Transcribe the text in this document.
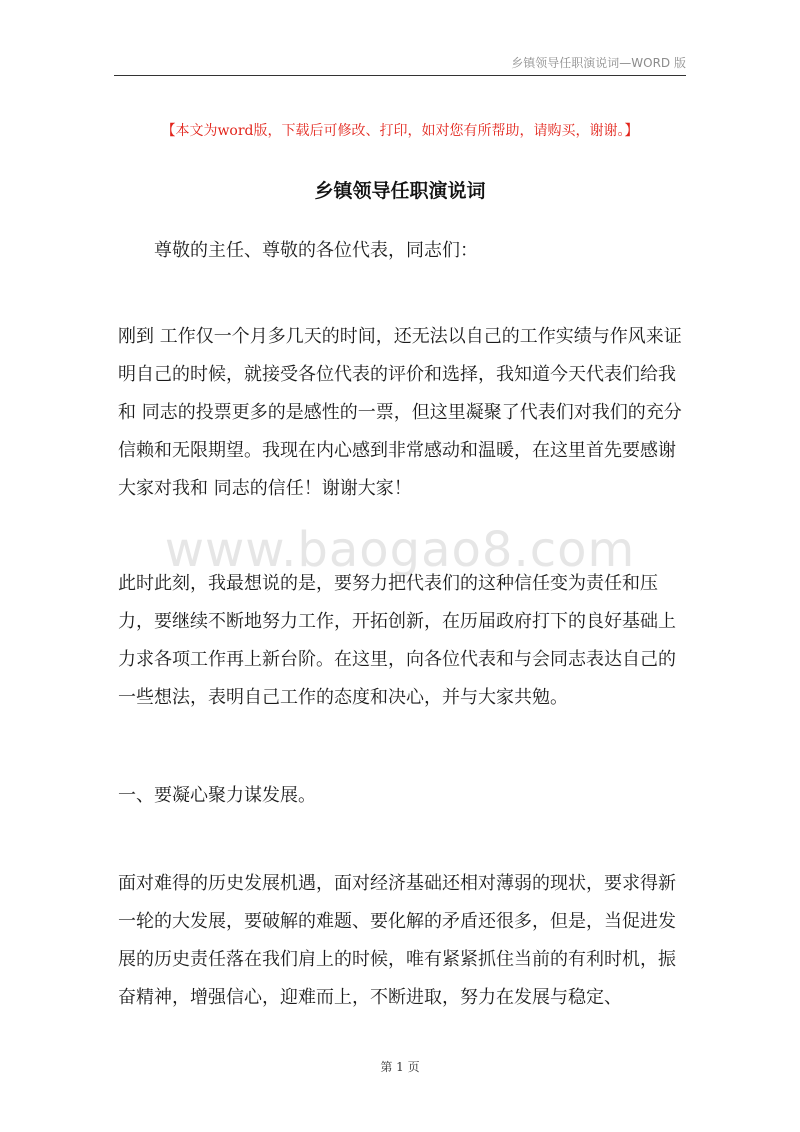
乡镇领导任职演说词—WORD 版
【本文为word版，下载后可修改、打印，如对您有所帮助，请购买，谢谢。】
乡镇领导任职演说词

尊敬的主任、尊敬的各位代表，同志们：

刚到 工作仅一个月多几天的时间，还无法以自己的工作实绩与作风来证明自己的时候，就接受各位代表的评价和选择，我知道今天代表们给我和 同志的投票更多的是感性的一票，但这里凝聚了代表们对我们的充分信赖和无限期望。我现在内心感到非常感动和温暖，在这里首先要感谢大家对我和 同志的信任！谢谢大家！

www.baogao8.com

此时此刻，我最想说的是，要努力把代表们的这种信任变为责任和压力，要继续不断地努力工作，开拓创新，在历届政府打下的良好基础上力求各项工作再上新台阶。在这里，向各位代表和与会同志表达自己的一些想法，表明自己工作的态度和决心，并与大家共勉。

一、要凝心聚力谋发展。

面对难得的历史发展机遇，面对经济基础还相对薄弱的现状，要求得新一轮的大发展，要破解的难题、要化解的矛盾还很多，但是，当促进发展的历史责任落在我们肩上的时候，唯有紧紧抓住当前的有利时机，振奋精神，增强信心，迎难而上，不断进取，努力在发展与稳定、

第 1 页
